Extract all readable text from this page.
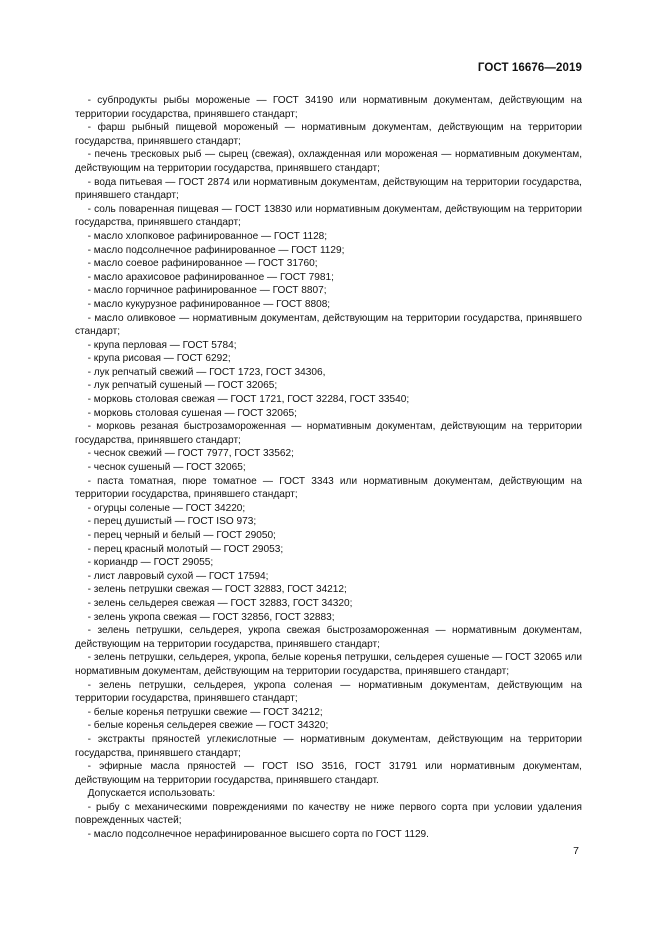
ГОСТ 16676—2019

- субпродукты рыбы мороженые — ГОСТ 34190 или нормативным документам, действующим на территории государства, принявшего стандарт;

- фарш рыбный пищевой мороженый — нормативным документам, действующим на территории государства, принявшего стандарт;

- печень тресковых рыб — сырец (свежая), охлажденная или мороженая — нормативным документам, действующим на территории государства, принявшего стандарт;

- вода питьевая — ГОСТ 2874 или нормативным документам, действующим на территории государства, принявшего стандарт;

- соль поваренная пищевая — ГОСТ 13830 или нормативным документам, действующим на территории государства, принявшего стандарт;

- масло хлопковое рафинированное — ГОСТ 1128;

- масло подсолнечное рафинированное — ГОСТ 1129;

- масло соевое рафинированное — ГОСТ 31760;

- масло арахисовое рафинированное — ГОСТ 7981;

- масло горчичное рафинированное — ГОСТ 8807;

- масло кукурузное рафинированное — ГОСТ 8808;

- масло оливковое — нормативным документам, действующим на территории государства, принявшего стандарт;

- крупа перловая — ГОСТ 5784;

- крупа рисовая — ГОСТ 6292;

- лук репчатый свежий — ГОСТ 1723, ГОСТ 34306,

- лук репчатый сушеный — ГОСТ 32065;

- морковь столовая свежая — ГОСТ 1721, ГОСТ 32284, ГОСТ 33540;

- морковь столовая сушеная — ГОСТ 32065;

- морковь резаная быстрозамороженная — нормативным документам, действующим на территории государства, принявшего стандарт;

- чеснок свежий — ГОСТ 7977, ГОСТ 33562;

- чеснок сушеный — ГОСТ 32065;

- паста томатная, пюре томатное — ГОСТ 3343 или нормативным документам, действующим на территории государства, принявшего стандарт;

- огурцы соленые — ГОСТ 34220;

- перец душистый — ГОСТ ISO 973;

- перец черный и белый — ГОСТ 29050;

- перец красный молотый — ГОСТ 29053;

- кориандр — ГОСТ 29055;

- лист лавровый сухой — ГОСТ 17594;

- зелень петрушки свежая — ГОСТ 32883, ГОСТ 34212;

- зелень сельдерея свежая — ГОСТ 32883, ГОСТ 34320;

- зелень укропа свежая — ГОСТ 32856, ГОСТ 32883;

- зелень петрушки, сельдерея, укропа свежая быстрозамороженная — нормативным документам, действующим на территории государства, принявшего стандарт;

- зелень петрушки, сельдерея, укропа, белые коренья петрушки, сельдерея сушеные — ГОСТ 32065 или нормативным документам, действующим на территории государства, принявшего стандарт;

- зелень петрушки, сельдерея, укропа соленая — нормативным документам, действующим на территории государства, принявшего стандарт;

- белые коренья петрушки свежие — ГОСТ 34212;

- белые коренья сельдерея свежие — ГОСТ 34320;

- экстракты пряностей углекислотные — нормативным документам, действующим на территории государства, принявшего стандарт;

- эфирные масла пряностей — ГОСТ ISO 3516, ГОСТ 31791 или нормативным документам, действующим на территории государства, принявшего стандарт.

Допускается использовать:

- рыбу с механическими повреждениями по качеству не ниже первого сорта при условии удаления поврежденных частей;

- масло подсолнечное нерафинированное высшего сорта по ГОСТ 1129.

7
